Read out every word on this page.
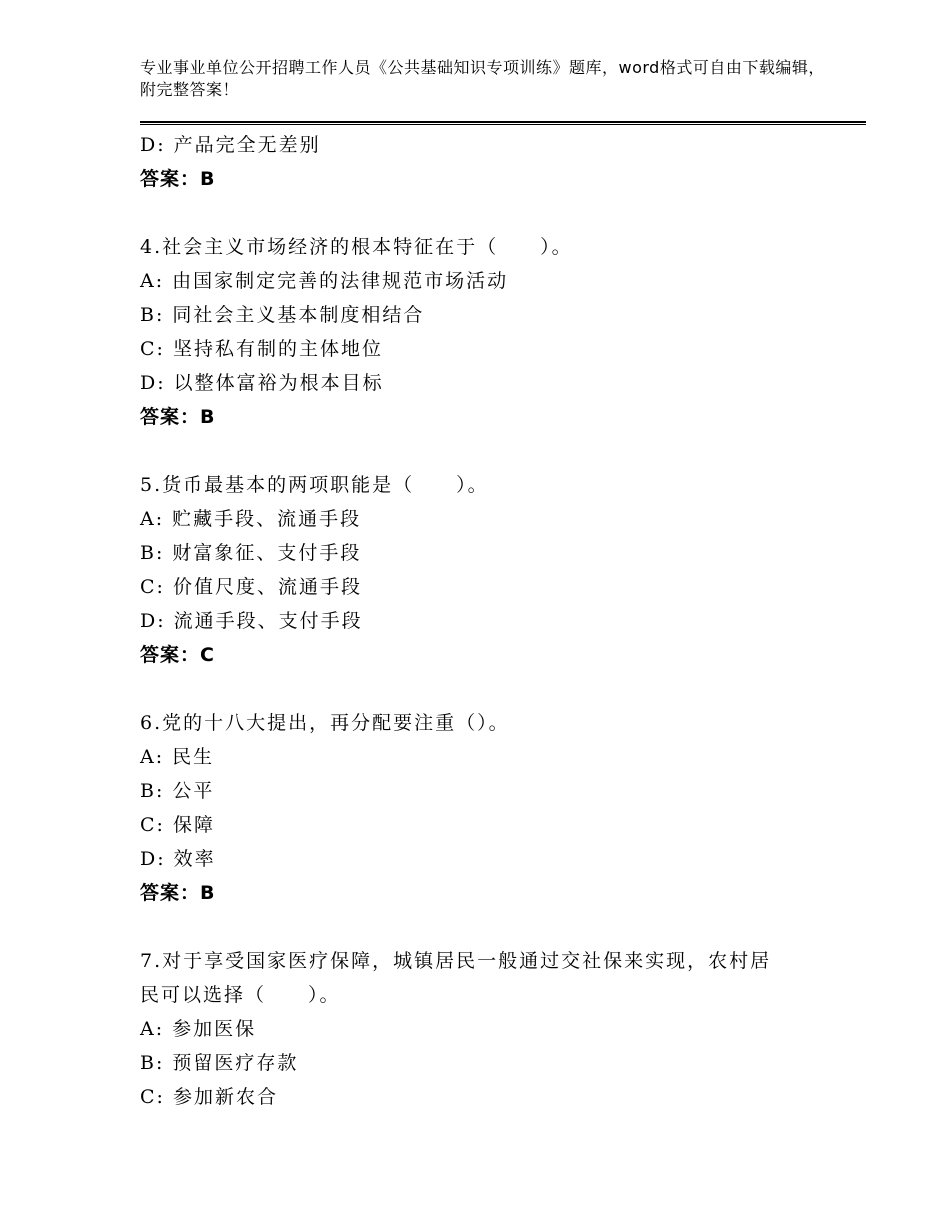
专业事业单位公开招聘工作人员《公共基础知识专项训练》题库，word格式可自由下载编辑，附完整答案！
D: 产品完全无差别
答案：B
4.社会主义市场经济的根本特征在于（　　）。
A: 由国家制定完善的法律规范市场活动
B: 同社会主义基本制度相结合
C: 坚持私有制的主体地位
D: 以整体富裕为根本目标
答案：B
5.货币最基本的两项职能是（　　）。
A: 贮藏手段、流通手段
B: 财富象征、支付手段
C: 价值尺度、流通手段
D: 流通手段、支付手段
答案：C
6.党的十八大提出，再分配要注重（）。
A: 民生
B: 公平
C: 保障
D: 效率
答案：B
7.对于享受国家医疗保障，城镇居民一般通过交社保来实现，农村居
民可以选择（　　）。
A: 参加医保
B: 预留医疗存款
C: 参加新农合
